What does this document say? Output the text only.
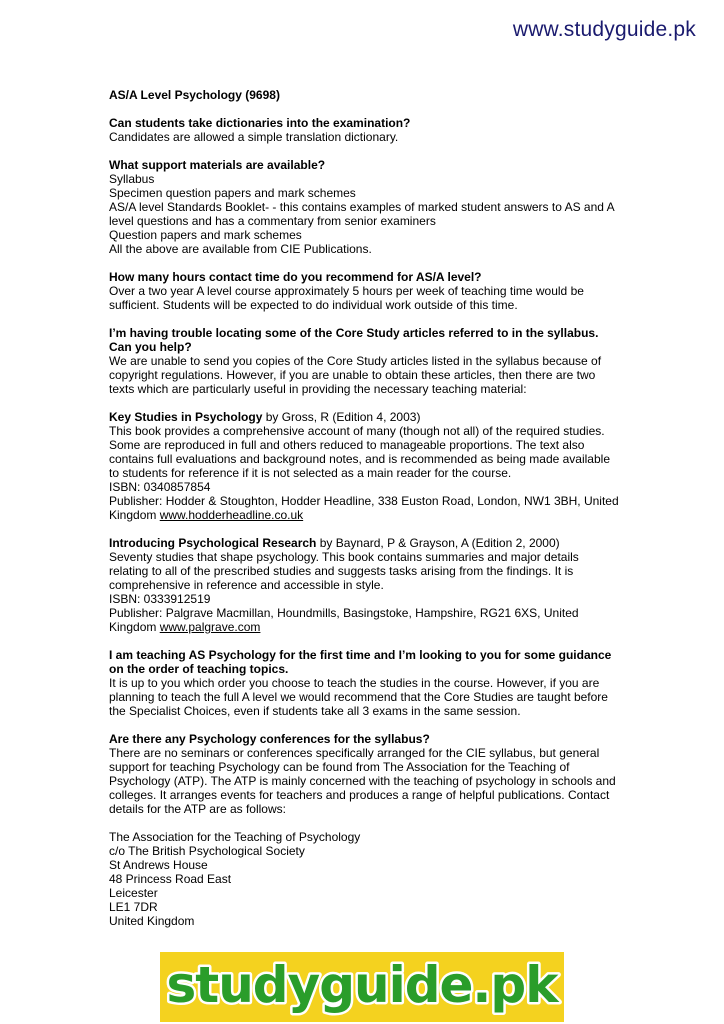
www.studyguide.pk
AS/A Level Psychology (9698)
Can students take dictionaries into the examination?
Candidates are allowed a simple translation dictionary.
What support materials are available?
Syllabus
Specimen question papers and mark schemes
AS/A level Standards Booklet- - this contains examples of marked student answers to AS and A level questions and has a commentary from senior examiners
Question papers and mark schemes
All the above are available from CIE Publications.
How many hours contact time do you recommend for AS/A level?
Over a two year A level course approximately 5 hours per week of teaching time would be sufficient. Students will be expected to do individual work outside of this time.
I’m having trouble locating some of the Core Study articles referred to in the syllabus. Can you help?
We are unable to send you copies of the Core Study articles listed in the syllabus because of copyright regulations. However, if you are unable to obtain these articles, then there are two texts which are particularly useful in providing the necessary teaching material:
Key Studies in Psychology by Gross, R (Edition 4, 2003)
This book provides a comprehensive account of many (though not all) of the required studies. Some are reproduced in full and others reduced to manageable proportions. The text also contains full evaluations and background notes, and is recommended as being made available to students for reference if it is not selected as a main reader for the course.
ISBN: 0340857854
Publisher: Hodder & Stoughton, Hodder Headline, 338 Euston Road, London, NW1 3BH, United Kingdom www.hodderheadline.co.uk
Introducing Psychological Research by Baynard, P & Grayson, A (Edition 2, 2000)
Seventy studies that shape psychology. This book contains summaries and major details relating to all of the prescribed studies and suggests tasks arising from the findings. It is comprehensive in reference and accessible in style.
ISBN: 0333912519
Publisher: Palgrave Macmillan, Houndmills, Basingstoke, Hampshire, RG21 6XS, United Kingdom www.palgrave.com
I am teaching AS Psychology for the first time and I’m looking to you for some guidance on the order of teaching topics.
It is up to you which order you choose to teach the studies in the course. However, if you are planning to teach the full A level we would recommend that the Core Studies are taught before the Specialist Choices, even if students take all 3 exams in the same session.
Are there any Psychology conferences for the syllabus?
There are no seminars or conferences specifically arranged for the CIE syllabus, but general support for teaching Psychology can be found from The Association for the Teaching of Psychology (ATP). The ATP is mainly concerned with the teaching of psychology in schools and colleges. It arranges events for teachers and produces a range of helpful publications. Contact details for the ATP are as follows:
The Association for the Teaching of Psychology
c/o The British Psychological Society
St Andrews House
48 Princess Road East
Leicester
LE1 7DR
United Kingdom
studyguide.pk
